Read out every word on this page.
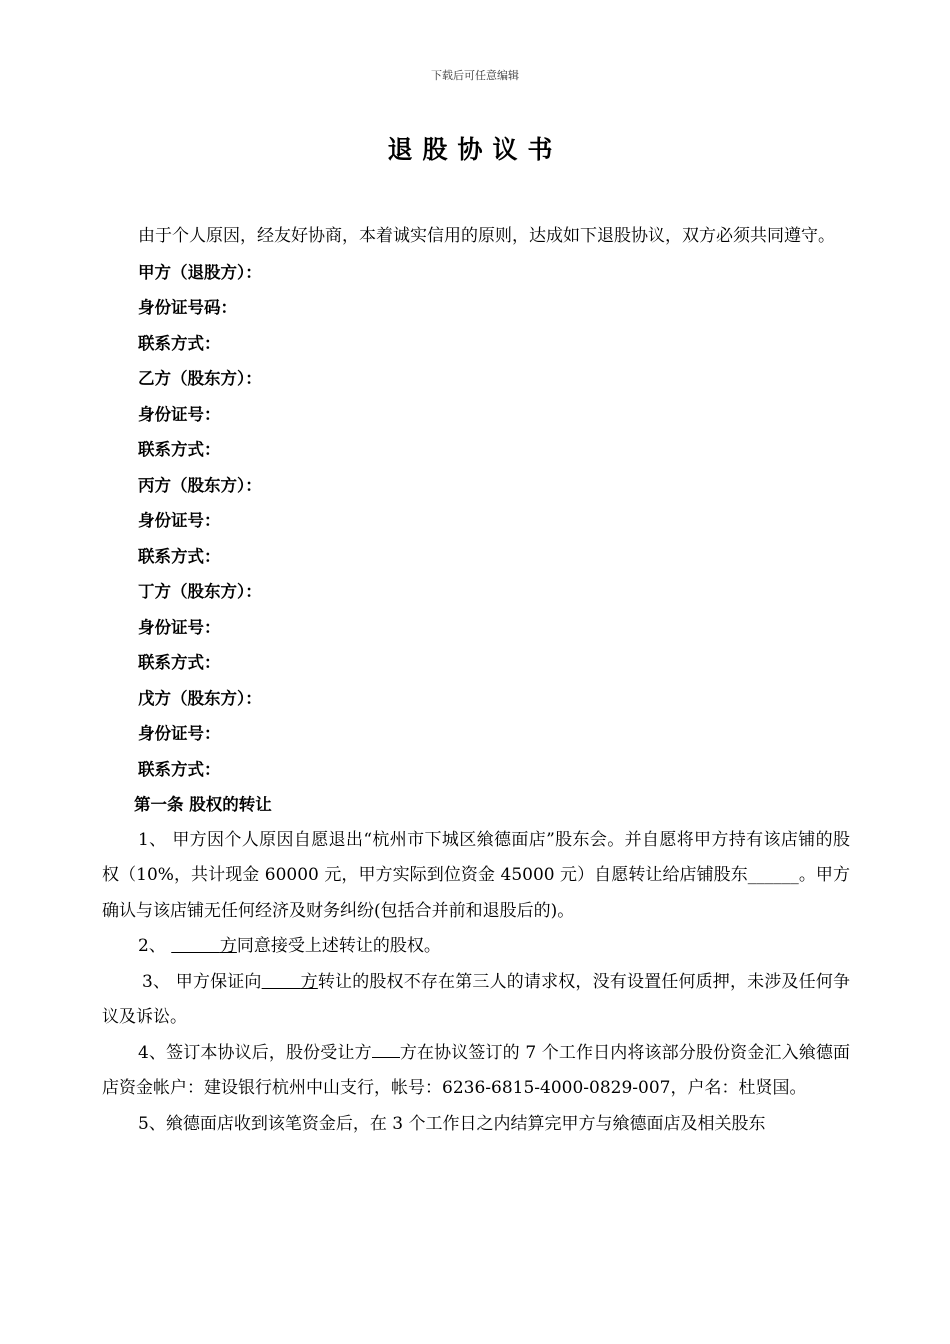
下载后可任意编辑
退股协议书

由于个人原因，经友好协商，本着诚实信用的原则，达成如下退股协议，双方必须共同遵守。

甲方（退股方）：

身份证号码：

联系方式：

乙方（股东方）：

身份证号：

联系方式：

丙方（股东方）：

身份证号：

联系方式：

丁方（股东方）：

身份证号：

联系方式：

戊方（股东方）：

身份证号：

联系方式：

第一条 股权的转让

1、 甲方因个人原因自愿退出“杭州市下城区飨德面店”股东会。并自愿将甲方持有该店铺的股权（10%，共计现金 60000 元，甲方实际到位资金 45000 元）自愿转让给店铺股东______。甲方确认与该店铺无任何经济及财务纠纷(包括合并前和退股后的)。

2、	方同意接受上述转让的股权。

3、 甲方保证向 方转让的股权不存在第三人的请求权，没有设置任何质押，未涉及任何争议及诉讼。

4、签订本协议后，股份受让方 方在协议签订的 7 个工作日内将该部分股份资金汇入飨德面店资金帐户：建设银行杭州中山支行，帐号：6236-6815-4000-0829-007，户名：杜贤国。

5、飨德面店收到该笔资金后，在 3 个工作日之内结算完甲方与飨德面店及相关股东
